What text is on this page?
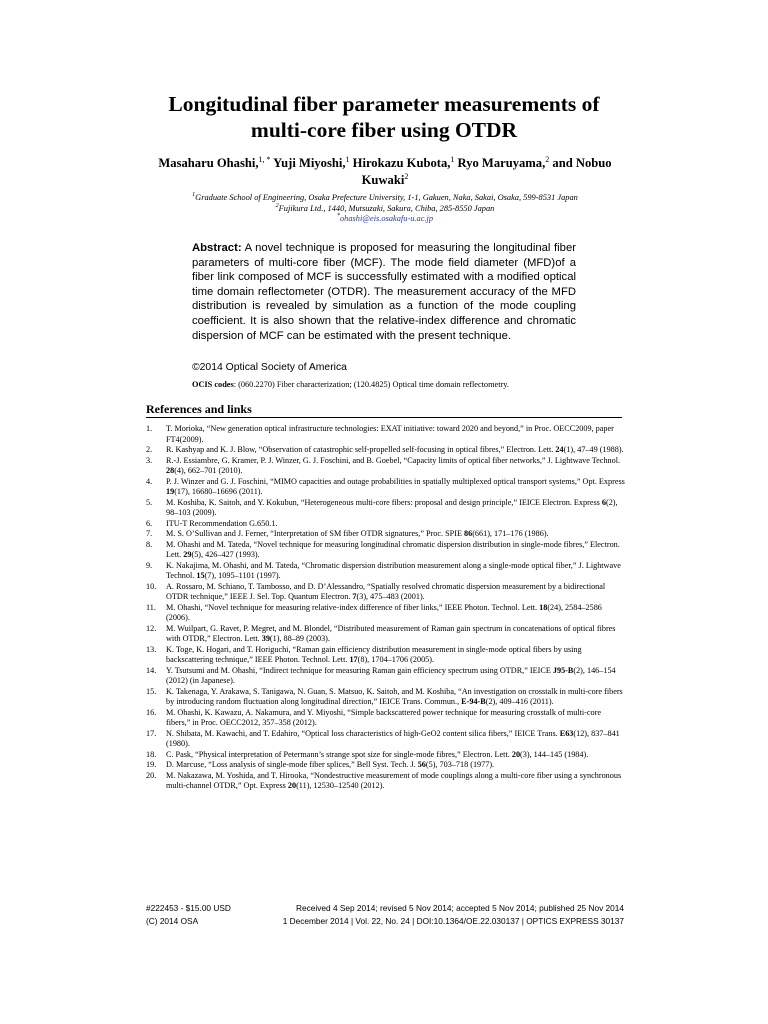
Longitudinal fiber parameter measurements of multi-core fiber using OTDR
Masaharu Ohashi,$^{1, *}$ Yuji Miyoshi,$^1$ Hirokazu Kubota,$^1$ Ryo Maruyama,$^2$ and Nobuo Kuwaki$^2$
$^1$Graduate School of Engineering, Osaka Prefecture University, 1-1, Gakuen, Naka, Sakai, Osaka, 599-8531 Japan
$^2$Fujikura Ltd., 1440, Mutsuzaki, Sakura, Chiba, 285-8550 Japan
*ohashi@eis.osakafu-u.ac.jp
Abstract: A novel technique is proposed for measuring the longitudinal fiber parameters of multi-core fiber (MCF). The mode field diameter (MFD)of a fiber link composed of MCF is successfully estimated with a modified optical time domain reflectometer (OTDR). The measurement accuracy of the MFD distribution is revealed by simulation as a function of the mode coupling coefficient. It is also shown that the relative-index difference and chromatic dispersion of MCF can be estimated with the present technique.
©2014 Optical Society of America
OCIS codes: (060.2270) Fiber characterization; (120.4825) Optical time domain reflectometry.
References and links
1. T. Morioka, “New generation optical infrastructure technologies: EXAT initiative: toward 2020 and beyond,” in Proc. OECC2009, paper FT4(2009).
2. R. Kashyap and K. J. Blow, “Observation of catastrophic self-propelled self-focusing in optical fibres,” Electron. Lett. 24(1), 47–49 (1988).
3. R.-J. Essiambre, G. Kramer, P. J. Winzer, G. J. Foschini, and B. Goebel, “Capacity limits of optical fiber networks,” J. Lightwave Technol. 28(4), 662–701 (2010).
4. P. J. Winzer and G. J. Foschini, “MIMO capacities and outage probabilities in spatially multiplexed optical transport systems,” Opt. Express 19(17), 16680–16696 (2011).
5. M. Koshiba, K. Saitoh, and Y. Kokubun, “Heterogeneous multi-core fibers: proposal and design principle,” IEICE Electron. Express 6(2), 98–103 (2009).
6. ITU-T Recommendation G.650.1.
7. M. S. O’Sullivan and J. Ferner, “Interpretation of SM fiber OTDR signatures,” Proc. SPIE 86(661), 171–176 (1986).
8. M. Ohashi and M. Tateda, “Novel technique for measuring longitudinal chromatic dispersion distribution in single-mode fibres,” Electron. Lett. 29(5), 426–427 (1993).
9. K. Nakajima, M. Ohashi, and M. Tateda, “Chromatic dispersion distribution measurement along a single-mode optical fiber,” J. Lightwave Technol. 15(7), 1095–1101 (1997).
10. A. Rossaro, M. Schiano, T. Tambosso, and D. D’Alessandro, “Spatially resolved chromatic dispersion measurement by a bidirectional OTDR technique,” IEEE J. Sel. Top. Quantum Electron. 7(3), 475–483 (2001).
11. M. Ohashi, “Novel technique for measuring relative-index difference of fiber links,” IEEE Photon. Technol. Lett. 18(24), 2584–2586 (2006).
12. M. Wuilpart, G. Ravet, P. Megret, and M. Blondel, “Distributed measurement of Raman gain spectrum in concatenations of optical fibres with OTDR,” Electron. Lett. 39(1), 88–89 (2003).
13. K. Toge, K. Hogari, and T. Horiguchi, “Raman gain efficiency distribution measurement in single-mode optical fibers by using backscattering technique,” IEEE Photon. Technol. Lett. 17(8), 1704–1706 (2005).
14. Y. Tsutsumi and M. Ohashi, “Indirect technique for measuring Raman gain efficiency spectrum using OTDR,” IEICE J95-B(2), 146–154 (2012) (in Japanese).
15. K. Takenaga, Y. Arakawa, S. Tanigawa, N. Guan, S. Matsuo, K. Saitoh, and M. Koshiba, “An investigation on crosstalk in multi-core fibers by introducing random fluctuation along longitudinal direction,” IEICE Trans. Commun., E-94-B(2), 409–416 (2011).
16. M. Ohashi, K. Kawazu, A. Nakamura, and Y. Miyoshi, “Simple backscattered power technique for measuring crosstalk of multi-core fibers,” in Proc. OECC2012, 357–358 (2012).
17. N. Shibata, M. Kawachi, and T. Edahiro, “Optical loss characteristics of high-GeO2 content silica fibers,” IEICE Trans. E63(12), 837–841 (1980).
18. C. Pask, “Physical interpretation of Petermann’s strange spot size for single-mode fibres,” Electron. Lett. 20(3), 144–145 (1984).
19. D. Marcuse, “Loss analysis of single-mode fiber splices,” Bell Syst. Tech. J. 56(5), 703–718 (1977).
20. M. Nakazawa, M. Yoshida, and T. Hirooka, “Nondestructive measurement of mode couplings along a multi-core fiber using a synchronous multi-channel OTDR,” Opt. Express 20(11), 12530–12540 (2012).
#222453 - $15.00 USD	Received 4 Sep 2014; revised 5 Nov 2014; accepted 5 Nov 2014; published 25 Nov 2014
(C) 2014 OSA	1 December 2014 | Vol. 22, No. 24 | DOI:10.1364/OE.22.030137 | OPTICS EXPRESS 30137
